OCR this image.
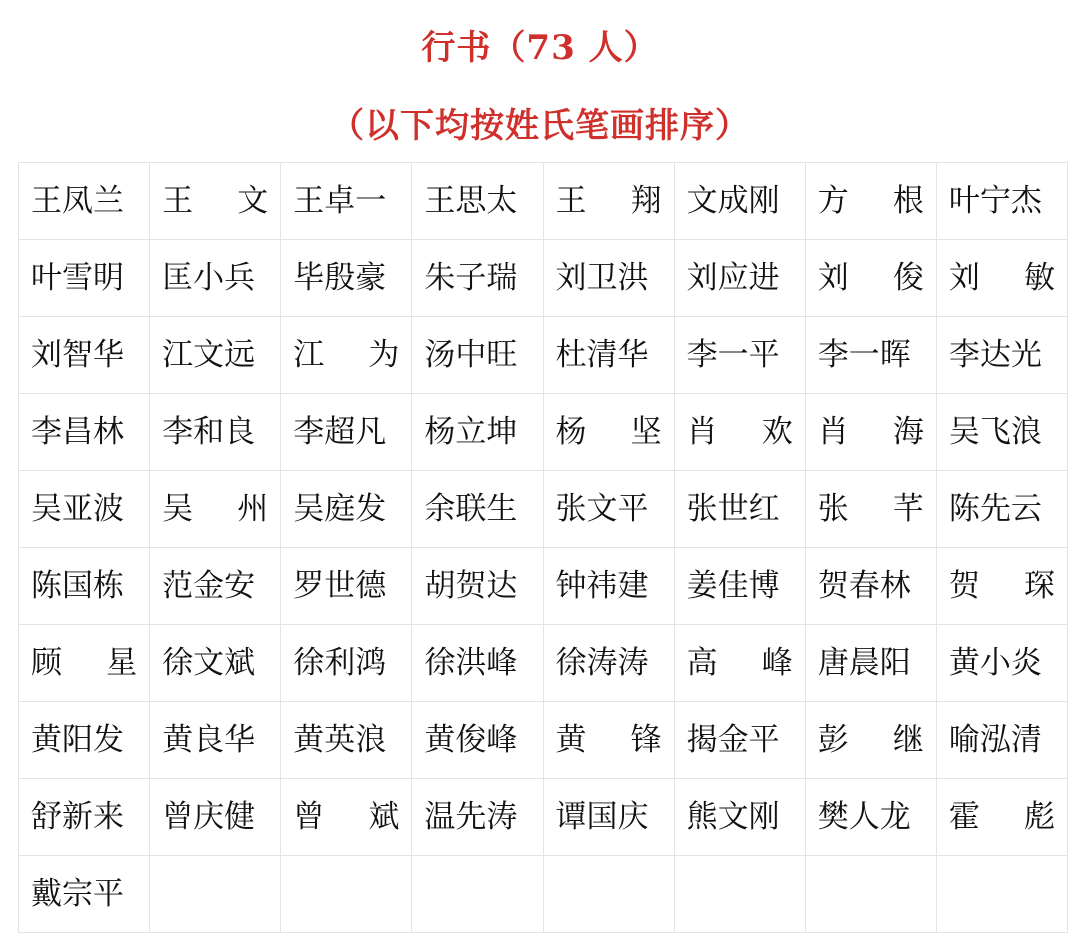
行书（73 人）
（以下均按姓氏笔画排序）
王凤兰	王 文	王卓一	王思太	王 翔	文成刚	方 根	叶宁杰
叶雪明	匡小兵	毕殷豪	朱子瑞	刘卫洪	刘应进	刘 俊	刘 敏

刘智华	江文远	江 为	汤中旺	杜清华	李一平	李一晖	李达光
李昌林	李和良	李超凡	杨立坤	杨 坚	肖 欢	肖 海	吴飞浪
吴亚波	吴 州	吴庭发	余联生	张文平	张世红	张 芊	陈先云
陈国栋	范金安	罗世德	胡贺达	钟祎建	姜佳博	贺春林	贺 琛

顾 星	徐文斌	徐利鸿	徐洪峰	徐涛涛	高 峰	唐晨阳	黄小炎
黄阳发	黄良华	黄英浪	黄俊峰	黄 锋	揭金平	彭 继	喻泓清
舒新来	曾庆健	曾 斌	温先涛	谭国庆	熊文刚	樊人龙	霍 彪

戴宗平							
